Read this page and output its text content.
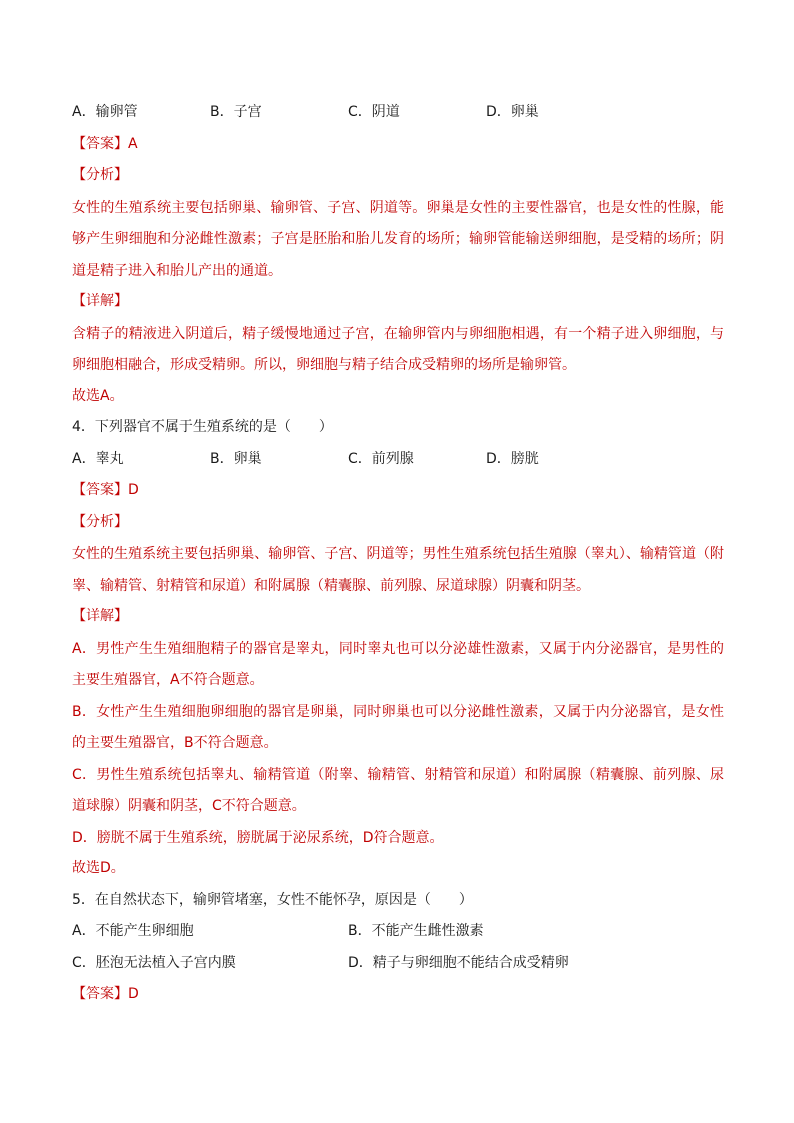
A．输卵管	B．子宫	C．阴道	D．卵巢
【答案】A
【分析】
女性的生殖系统主要包括卵巢、输卵管、子宫、阴道等。卵巢是女性的主要性器官，也是女性的性腺，能够产生卵细胞和分泌雌性激素；子宫是胚胎和胎儿发育的场所；输卵管能输送卵细胞，是受精的场所；阴道是精子进入和胎儿产出的通道。
【详解】
含精子的精液进入阴道后，精子缓慢地通过子宫，在输卵管内与卵细胞相遇，有一个精子进入卵细胞，与卵细胞相融合，形成受精卵。所以，卵细胞与精子结合成受精卵的场所是输卵管。
故选A。
4．下列器官不属于生殖系统的是（　　）
A．睾丸	B．卵巢	C．前列腺	D．膀胱
【答案】D
【分析】
女性的生殖系统主要包括卵巢、输卵管、子宫、阴道等；男性生殖系统包括生殖腺（睾丸）、输精管道（附睾、输精管、射精管和尿道）和附属腺（精囊腺、前列腺、尿道球腺）阴囊和阴茎。
【详解】
A．男性产生生殖细胞精子的器官是睾丸，同时睾丸也可以分泌雄性激素，又属于内分泌器官，是男性的主要生殖器官，A不符合题意。
B．女性产生生殖细胞卵细胞的器官是卵巢，同时卵巢也可以分泌雌性激素，又属于内分泌器官，是女性的主要生殖器官，B不符合题意。
C．男性生殖系统包括睾丸、输精管道（附睾、输精管、射精管和尿道）和附属腺（精囊腺、前列腺、尿道球腺）阴囊和阴茎，C不符合题意。
D．膀胱不属于生殖系统，膀胱属于泌尿系统，D符合题意。
故选D。
5．在自然状态下，输卵管堵塞，女性不能怀孕，原因是（　　）
A．不能产生卵细胞	B．不能产生雌性激素
C．胚泡无法植入子宫内膜	D．精子与卵细胞不能结合成受精卵
【答案】D
